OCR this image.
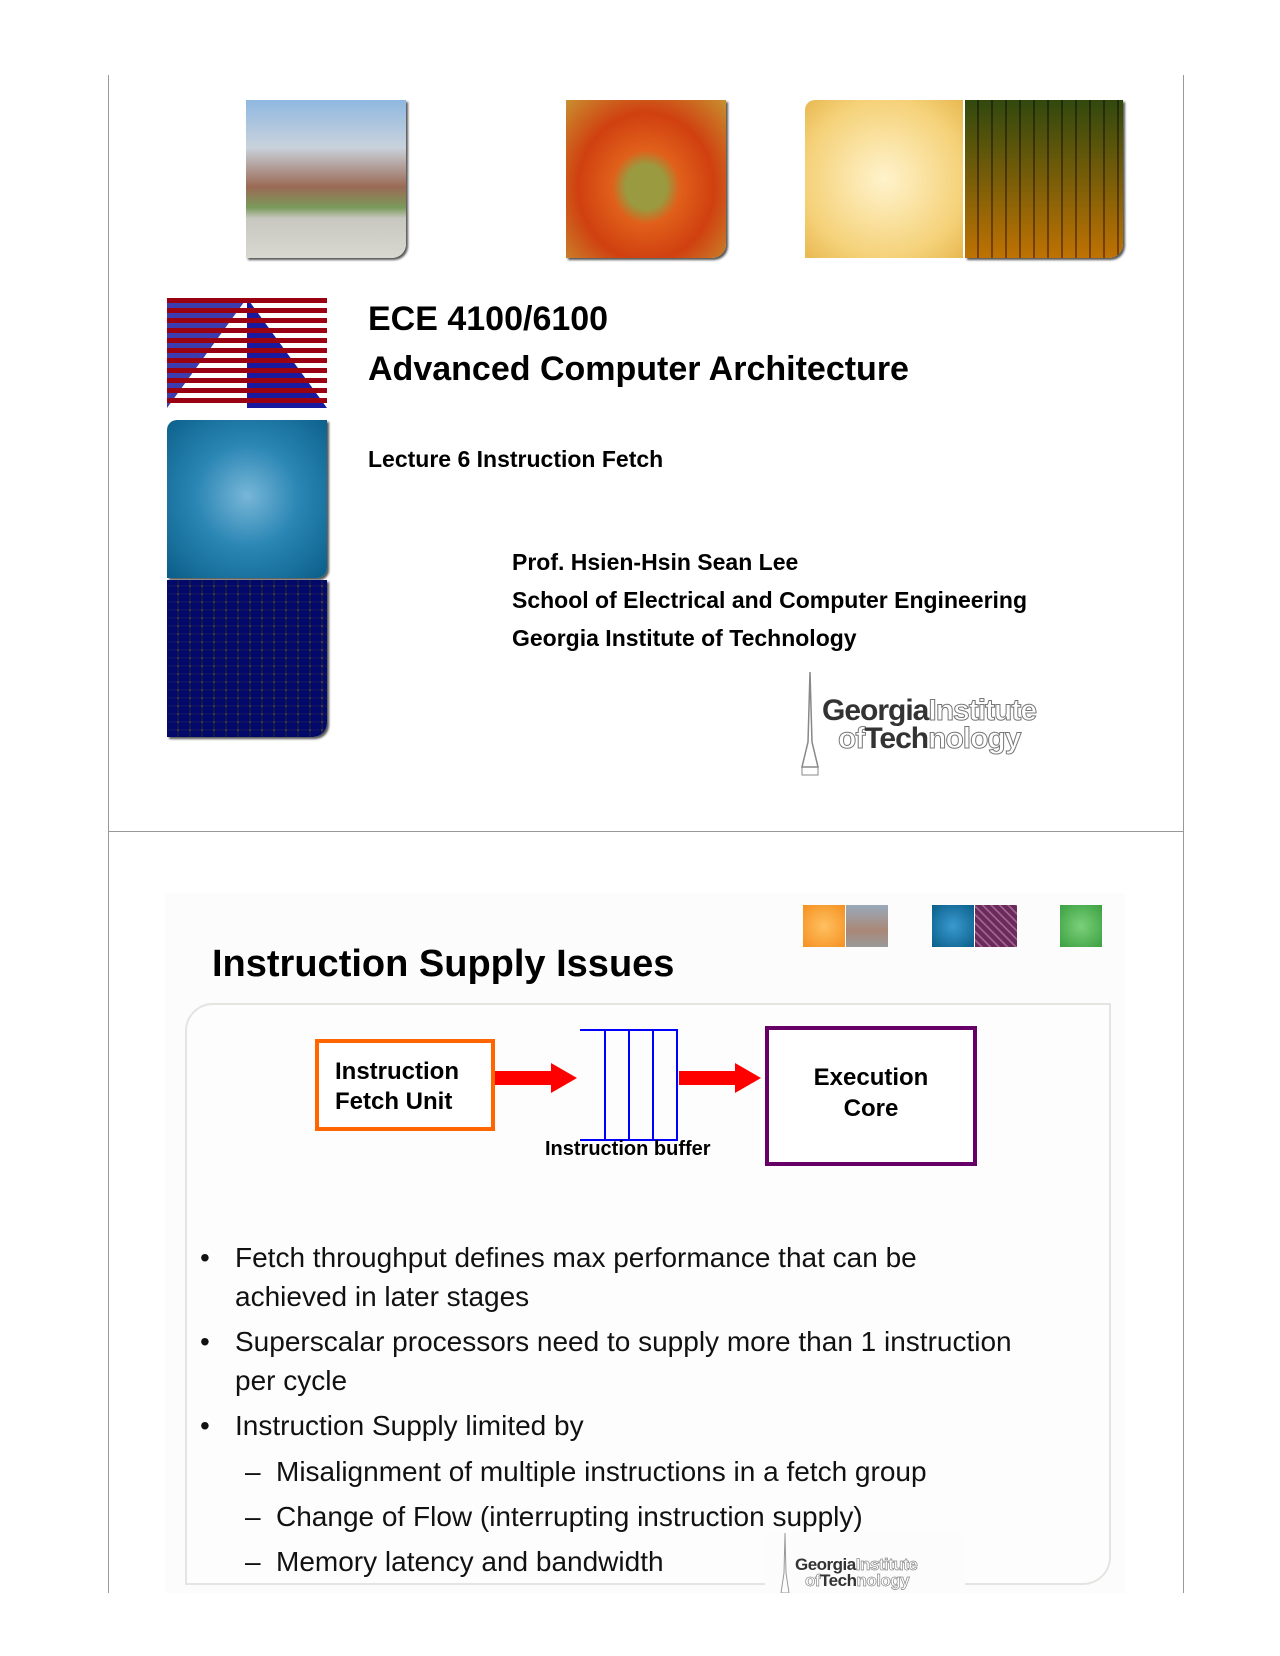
ECE 4100/6100
Advanced Computer Architecture
Lecture 6 Instruction Fetch
Prof. Hsien-Hsin Sean Lee
School of Electrical and Computer Engineering
Georgia Institute of Technology
GeorgiaInstitute
ofTechnology
Instruction Supply Issues
Instruction
Fetch Unit
Instruction buffer
Execution
Core
• Fetch throughput defines max performance that can be
achieved in later stages
• Superscalar processors need to supply more than 1 instruction
per cycle
• Instruction Supply limited by
– Misalignment of multiple instructions in a fetch group
– Change of Flow (interrupting instruction supply)
– Memory latency and bandwidth	GeorgiaInstitute
ofTechnology
